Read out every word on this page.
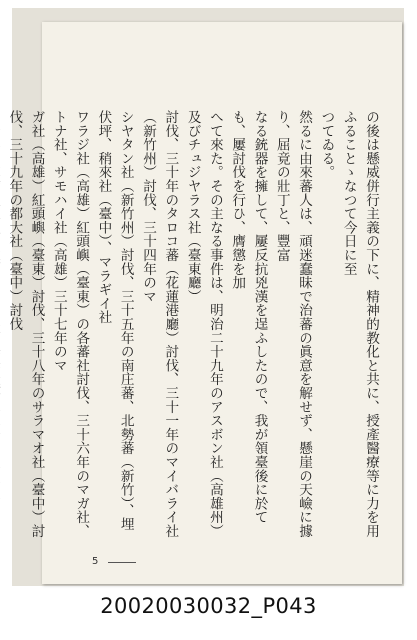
の後は懸威併行主義の下に、精神的教化と共に、授產醫療等に力を用ふることゝなつて今日に至

つてゐる。

然るに由來蕃人は、頑迷蠢昧で治蕃の眞意を解せず、懸崖の天嶮に據り、屈竟の壯丁と、豐富

なる銃器を擁して、屢反抗兇漢を逞ふしたので、我が領臺後に於ても、屢討伐を行ひ、膺懲を加

へて來た。その主なる事件は、明治二十九年のアスボン社（高雄州）及びチュジヤラス社（臺東廳）

討伐、三十年のタロコ蕃（花蓮港廳）討伐、三十一年のマイバライ社（新竹州）討伐、三十四年のマ

シヤタン社（新竹州）討伐、三十五年の南庄蕃、北勢蕃（新竹）、埋伏坪、稍來社（臺中）、マラギイ社

ワラジ社（高雄）紅頭嶼（臺東）の各蕃社討伐、三十六年のマガ社、トナ社、サモハイ社（高雄）三十七年のマ

ガ社（高雄）紅頭嶼（臺東）討伐、三十八年のサラマオ社（臺中）討伐、三十九年の都大社（臺中）討伐

5
20020030032_P043
